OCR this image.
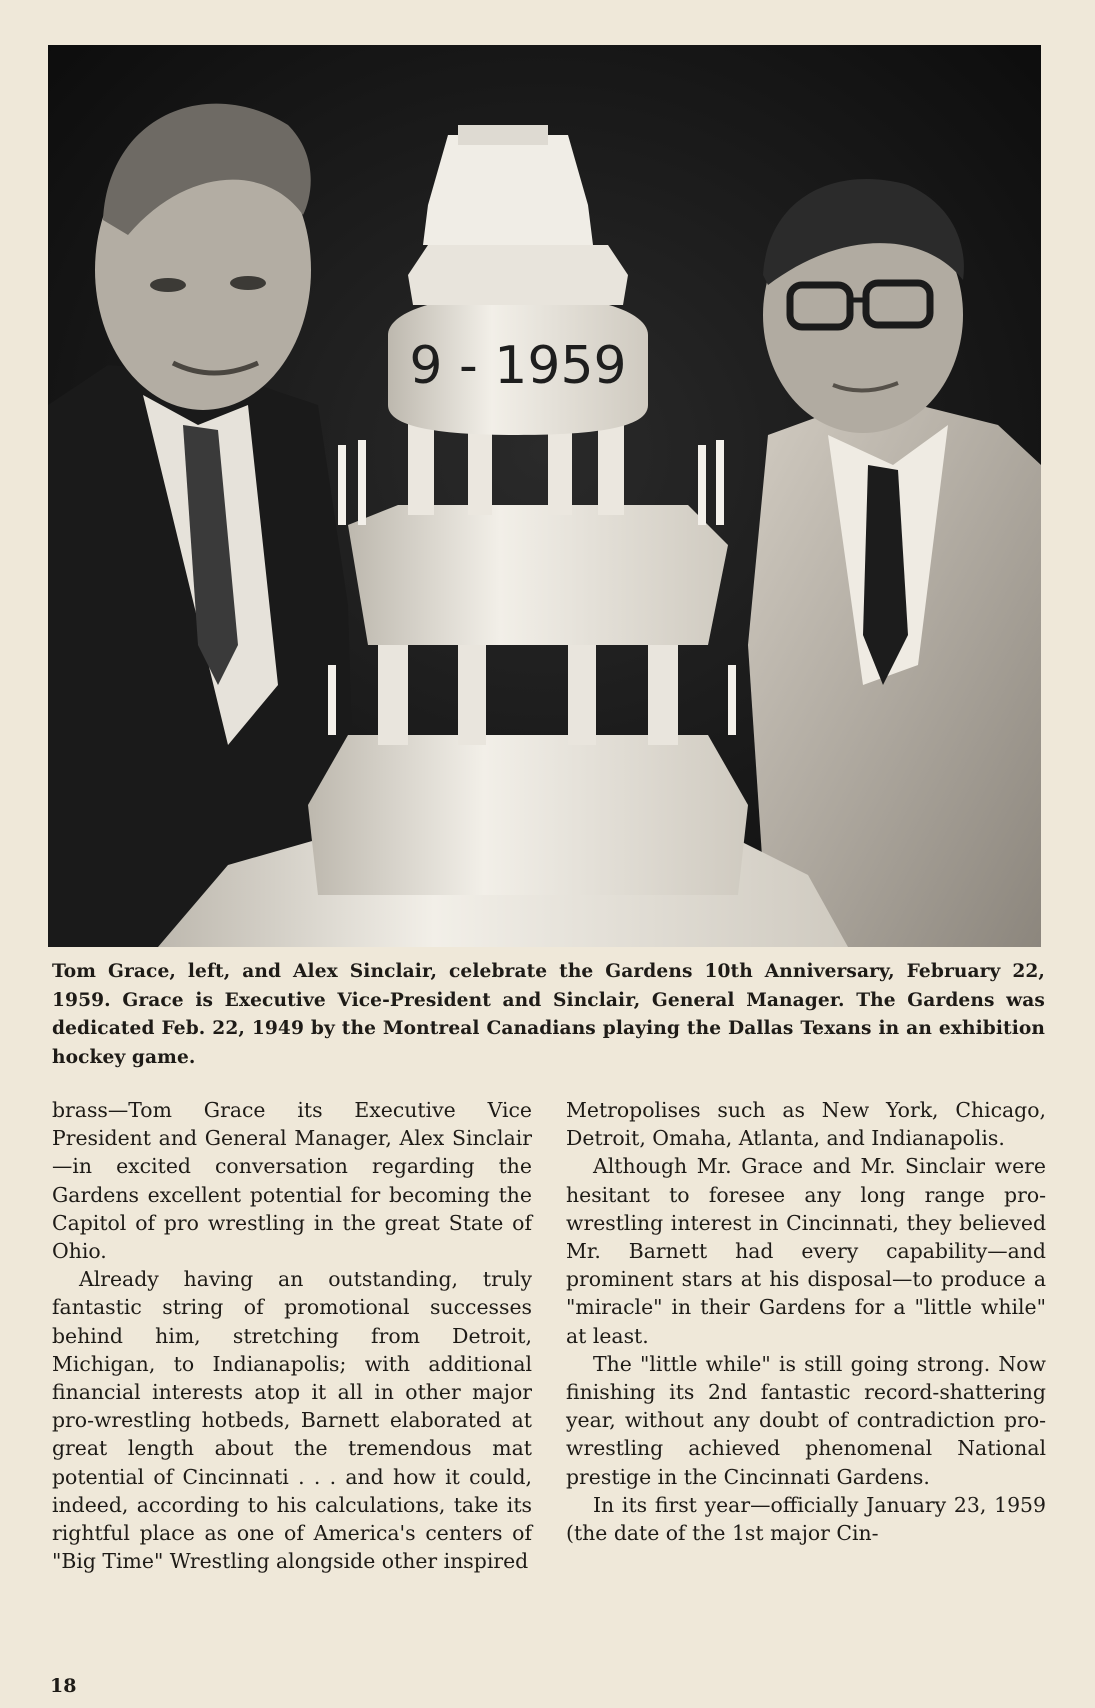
9 - 1959
Tom Grace, left, and Alex Sinclair, celebrate the Gardens 10th Anniversary, February 22, 1959. Grace is Executive Vice-President and Sinclair, General Manager. The Gardens was dedicated Feb. 22, 1949 by the Montreal Canadians playing the Dallas Texans in an exhibition hockey game.

brass—Tom Grace its Executive Vice President and General Manager, Alex Sinclair—in excited conversation regarding the Gardens excellent potential for becoming the Capitol of pro wrestling in the great State of Ohio.

Already having an outstanding, truly fantastic string of promotional successes behind him, stretching from Detroit, Michigan, to Indianapolis; with additional financial interests atop it all in other major pro-wrestling hotbeds, Barnett elaborated at great length about the tremendous mat potential of Cincinnati . . . and how it could, indeed, according to his calculations, take its rightful place as one of America's centers of "Big Time" Wrestling alongside other inspired

Metropolises such as New York, Chicago, Detroit, Omaha, Atlanta, and Indianapolis.

Although Mr. Grace and Mr. Sinclair were hesitant to foresee any long range pro-wrestling interest in Cincinnati, they believed Mr. Barnett had every capability—and prominent stars at his disposal—to produce a "miracle" in their Gardens for a "little while" at least.

The "little while" is still going strong. Now finishing its 2nd fantastic record-shattering year, without any doubt of contradiction pro-wrestling achieved phenomenal National prestige in the Cincinnati Gardens.

In its first year—officially January 23, 1959 (the date of the 1st major Cin-

18
